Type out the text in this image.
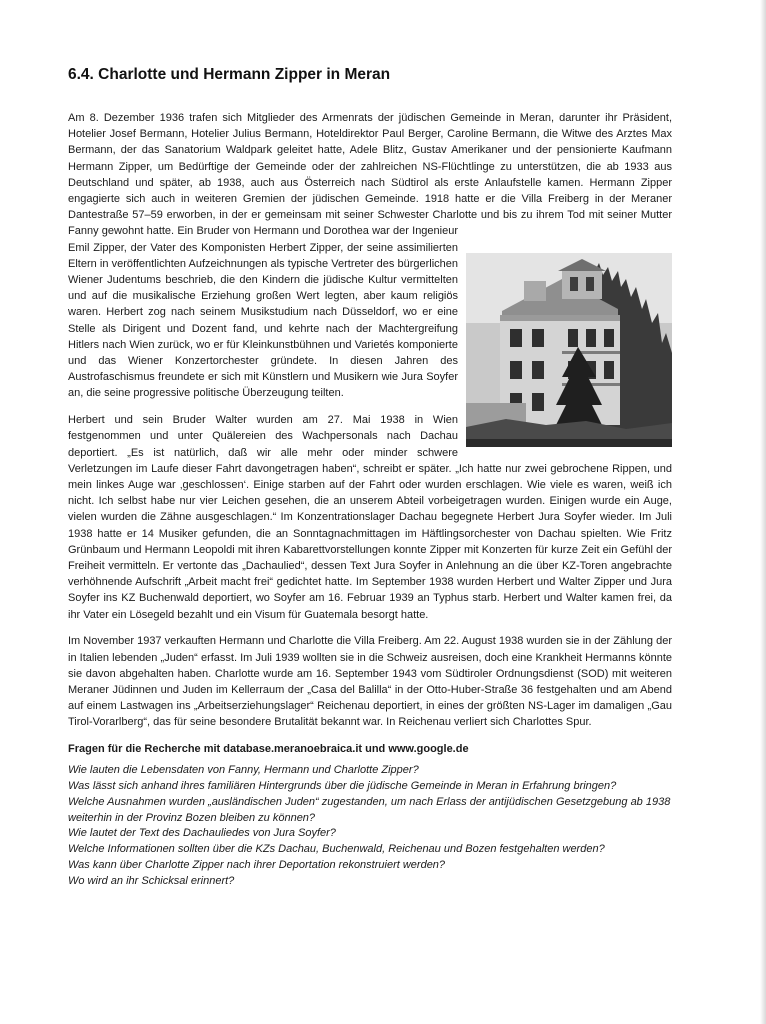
6.4. Charlotte und Hermann Zipper in Meran

Am 8. Dezember 1936 trafen sich Mitglieder des Armenrats der jüdischen Gemeinde in Meran, darunter ihr Präsident, Hotelier Josef Bermann, Hotelier Julius Bermann, Hoteldirektor Paul Berger, Caroline Bermann, die Witwe des Arztes Max Bermann, der das Sanatorium Waldpark geleitet hatte, Adele Blitz, Gustav Amerikaner und der pensionierte Kaufmann Hermann Zipper, um Bedürftige der Gemeinde oder der zahlreichen NS-Flüchtlinge zu unterstützen, die ab 1933 aus Deutschland und später, ab 1938, auch aus Österreich nach Südtirol als erste Anlaufstelle kamen. Hermann Zipper engagierte sich auch in weiteren Gremien der jüdischen Gemeinde. 1918 hatte er die Villa Freiberg in der Meraner Dantestraße 57–59 erworben, in der er gemeinsam mit seiner Schwester Charlotte und bis zu ihrem Tod mit seiner Mutter Fanny gewohnt hatte. Ein Bruder von Hermann und Dorothea war der Ingenieur Emil Zipper, der Vater des Komponisten Herbert Zipper, der seine assimilierten Eltern in veröffentlichten Aufzeichnungen als typische Vertreter des bürgerlichen Wiener Judentums beschrieb, die den Kindern die jüdische Kultur vermittelten und auf die musikalische Erziehung großen Wert legten, aber kaum religiös waren. Herbert zog nach seinem Musikstudium nach Düsseldorf, wo er eine Stelle als Dirigent und Dozent fand, und kehrte nach der Machtergreifung Hitlers nach Wien zurück, wo er für Kleinkunstbühnen und Varietés komponierte und das Wiener Konzertorchester gründete. In diesen Jahren des Austrofaschismus freundete er sich mit Künstlern und Musikern wie Jura Soyfer an, die seine progressive politische Überzeugung teilten.

Herbert und sein Bruder Walter wurden am 27. Mai 1938 in Wien festgenommen und unter Quälereien des Wachpersonals nach Dachau deportiert. „Es ist natürlich, daß wir alle mehr oder minder schwere Verletzungen im Laufe dieser Fahrt davongetragen haben“, schreibt er später. „Ich hatte nur zwei gebrochene Rippen, und mein linkes Auge war ‚geschlossen‘. Einige starben auf der Fahrt oder wurden erschlagen. Wie viele es waren, weiß ich nicht. Ich selbst habe nur vier Leichen gesehen, die an unserem Abteil vorbeigetragen wurden. Einigen wurde ein Auge, vielen wurden die Zähne ausgeschlagen.“ Im Konzentrationslager Dachau begegnete Herbert Jura Soyfer wieder. Im Juli 1938 hatte er 14 Musiker gefunden, die an Sonntagnachmittagen im Häftlingsorchester von Dachau spielten. Wie Fritz Grünbaum und Hermann Leopoldi mit ihren Kabarettvorstellungen konnte Zipper mit Konzerten für kurze Zeit ein Gefühl der Freiheit vermitteln. Er vertonte das „Dachaulied“, dessen Text Jura Soyfer in Anlehnung an die über KZ-Toren angebrachte verhöhnende Aufschrift „Arbeit macht frei“ gedichtet hatte. Im September 1938 wurden Herbert und Walter Zipper und Jura Soyfer ins KZ Buchenwald deportiert, wo Soyfer am 16. Februar 1939 an Typhus starb. Herbert und Walter kamen frei, da ihr Vater ein Lösegeld bezahlt und ein Visum für Guatemala besorgt hatte.

Im November 1937 verkauften Hermann und Charlotte die Villa Freiberg. Am 22. August 1938 wurden sie in der Zählung der in Italien lebenden „Juden“ erfasst. Im Juli 1939 wollten sie in die Schweiz ausreisen, doch eine Krankheit Hermanns könnte sie davon abgehalten haben. Charlotte wurde am 16. September 1943 vom Südtiroler Ordnungsdienst (SOD) mit weiteren Meraner Jüdinnen und Juden im Kellerraum der „Casa del Balilla“ in der Otto-Huber-Straße 36 festgehalten und am Abend auf einem Lastwagen ins „Arbeitserziehungslager“ Reichenau deportiert, in eines der größten NS-Lager im damaligen „Gau Tirol-Vorarlberg“, das für seine besondere Brutalität bekannt war. In Reichenau verliert sich Charlottes Spur.

Fragen für die Recherche mit database.meranoebraica.it und www.google.de
Wie lauten die Lebensdaten von Fanny, Hermann und Charlotte Zipper?
Was lässt sich anhand ihres familiären Hintergrunds über die jüdische Gemeinde in Meran in Erfahrung bringen?
Welche Ausnahmen wurden „ausländischen Juden“ zugestanden, um nach Erlass der antijüdischen Gesetzgebung ab 1938 weiterhin in der Provinz Bozen bleiben zu können?
Wie lautet der Text des Dachauliedes von Jura Soyfer?
Welche Informationen sollten über die KZs Dachau, Buchenwald, Reichenau und Bozen festgehalten werden?
Was kann über Charlotte Zipper nach ihrer Deportation rekonstruiert werden?
Wo wird an ihr Schicksal erinnert?
